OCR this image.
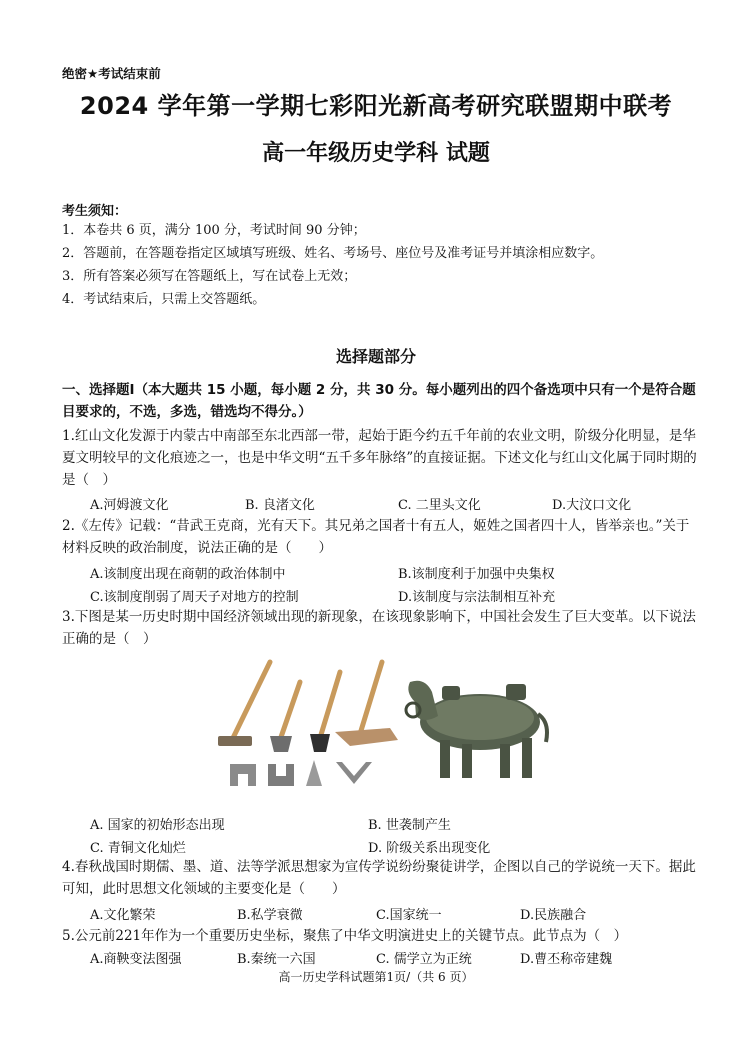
绝密★考试结束前
2024 学年第一学期七彩阳光新高考研究联盟期中联考
高一年级历史学科 试题
考生须知：
1．本卷共 6 页，满分 100 分，考试时间 90 分钟；
2．答题前，在答题卷指定区域填写班级、姓名、考场号、座位号及准考证号并填涂相应数字。
3．所有答案必须写在答题纸上，写在试卷上无效；
4．考试结束后，只需上交答题纸。
选择题部分
一、选择题Ⅰ（本大题共 15 小题，每小题 2 分，共 30 分。每小题列出的四个备选项中只有一个是符合题目要求的，不选，多选，错选均不得分。）
1.红山文化发源于内蒙古中南部至东北西部一带，起始于距今约五千年前的农业文明，阶级分化明显，是华夏文明较早的文化痕迹之一，也是中华文明“五千多年脉络”的直接证据。下述文化与红山文化属于同时期的是（　）
A.河姆渡文化	B. 良渚文化	C. 二里头文化	D.大汶口文化
2.《左传》记载：“昔武王克商，光有天下。其兄弟之国者十有五人，姬姓之国者四十人，皆举亲也。”关于材料反映的政治制度，说法正确的是（　　）
A.该制度出现在商朝的政治体制中	B.该制度利于加强中央集权
C.该制度削弱了周天子对地方的控制	D.该制度与宗法制相互补充
3.下图是某一历史时期中国经济领域出现的新现象，在该现象影响下，中国社会发生了巨大变革。以下说法正确的是（　）
A. 国家的初始形态出现	B. 世袭制产生
C. 青铜文化灿烂	D. 阶级关系出现变化
4.春秋战国时期儒、墨、道、法等学派思想家为宣传学说纷纷聚徒讲学，企图以自己的学说统一天下。据此可知，此时思想文化领域的主要变化是（　　）
A.文化繁荣	B.私学衰微	C.国家统一	D.民族融合
5.公元前221年作为一个重要历史坐标，聚焦了中华文明演进史上的关键节点。此节点为（　）
A.商鞅变法图强	B.秦统一六国	C. 儒学立为正统	D.曹丕称帝建魏
高一历史学科试题第1页/（共 6 页）
